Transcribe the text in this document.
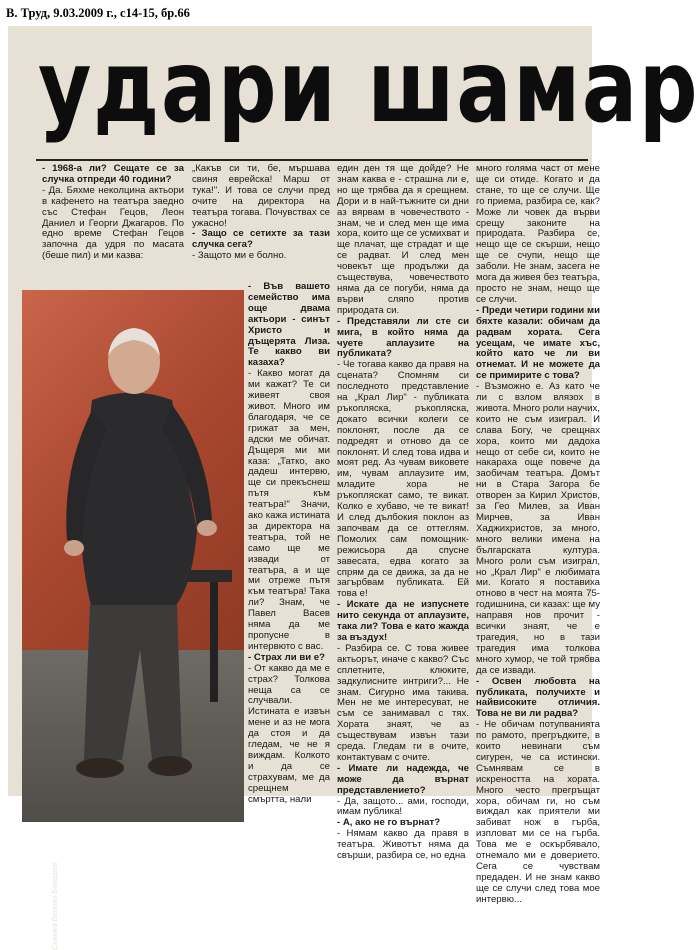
В. Труд, 9.03.2009 г., с14-15, бр.66
удари шамар

- 1968-а ли? Сещате се за случка отпреди 40 години?

- Да. Бяхме неколцина актьори в кафенето на театъра заедно със Стефан Гецов, Леон Даниел и Георги Джагаров. По едно време Стефан Гецов започна да удря по масата (беше пил) и ми казва:

„Какъв си ти, бе, мършава свиня еврейска! Марш от тука!". И това се случи пред очите на директора на театъра тогава. Почувствах се ужасно!

- Защо се сетихте за тази случка сега?

- Защото ми е болно.

- Във вашето семейство има още двама актьори - синът Христо и дъщерята Лиза. Те какво ви казаха?

- Какво могат да ми кажат? Те си живеят своя живот. Много им благодаря, че се грижат за мен, адски ме обичат. Дъщеря ми ми каза: „Татко, ако дадеш интервю, ще си прекъснеш пътя към театъра!" Значи, ако кажа истината за директора на театъра, той не само ще ме извади от театъра, а и ще ми отреже пътя към театъра! Така ли? Знам, че Павел Васев няма да ме пропусне в интервюто с вас.

- Страх ли ви е?

- От какво да ме е страх? Толкова неща са се случвали. Истината е извън мене и аз не мога да стоя и да гледам, че не я виждам. Колкото и да се страхувам, ме да срещнем смъртта, нали

един ден тя ще дойде? Не знам каква е - страшна ли е, но ще трябва да я срещнем. Дори и в най-тъжните си дни аз вярвам в човечеството - знам, че и след мен ще има хора, които ще се усмихват и ще плачат, ще страдат и ще се радват. И след мен човекът ще продължи да съществува, човечеството няма да се погуби, няма да върви сляпо против природата си.

- Представяли ли сте си мига, в който няма да чуете аплаузите на публиката?

- Че тогава какво да правя на сцената? Спомням си последното представление на „Крал Лир" - публиката ръкопляска, ръкопляска, докато всички колеги се поклонят, после да се подредят и отново да се поклонят. И след това идва и моят ред. Аз чувам виковете им, чувам аплаузите им, младите хора не ръкопляскат само, те викат. Колко е хубаво, че те викат! И след дълбокия поклон аз започвам да се оттеглям. Помолих сам помощник-режисьора да спусне завесата, едва когато за спрям да се движа, за да не загърбвам публиката. Ей това е!

- Искате да не изпуснете нито секунда от аплаузите, така ли? Това е като жажда за въздух!

- Разбира се. С това живее актьорът, иначе с какво? Със сплетните, клюките, задкулисните интриги?... Не знам. Сигурно има такива. Мен не ме интересуват, не съм се занимавал с тях. Хората знаят, че аз съществувам извън тази среда. Гледам ги в очите, контактувам с очите.

- Имате ли надежда, че може да върнат представлението?

- Да, защото... ами, господи, имам публика!

- А, ако не го върнат?

- Нямам какво да правя в театъра. Животът няма да свърши, разбира се, но една

много голяма част от мене ще си отиде. Когато и да стане, то ще се случи. Ще го приема, разбира се, как? Може ли човек да върви срещу законите на природата. Разбира се, нещо ще се скърши, нещо ще се счупи, нещо ще заболи. Не знам, засега не мога да живея без театъра, просто не знам, нещо ще се случи.

- Преди четири години ми бяхте казали: обичам да радвам хората. Сега усещам, че имате хъс, който като че ли ви отнемат. И не можете да се примирите с това?

- Възможно е. Аз като че ли с взлом влязох в живота. Много роли научих, които не съм изиграл. И слава Богу, че срещнах хора, които ми дадоха нещо от себе си, които не накараха още повече да заобичам театъра. Домът ни в Стара Загора бе отворен за Кирил Христов, за Гео Милев, за Иван Мирчев, за Иван Хаджихристов, за много, много велики имена на българската култура. Много роли съм изиграл, но „Крал Лир" е любимата ми. Когато я поставиха отново в чест на моята 75-годишнина, си казах: ще му направя нов прочит - всички знаят, че е трагедия, но в тази трагедия има толкова много хумор, че той трябва да се извади.

- Освен любовта на публиката, получихте и найвисоките отличия. Това не ви ли радва?

- Не обичам потупванията по рамото, прегръдките, в които невинаги съм сигурен, че са истински. Съмнявам се в искреността на хората. Много често прегръщат хора, обичам ги, но съм виждал как приятели ми забиват нож в гърба, изпловат ми се на гърба. Това ме е оскърбявало, отнемало ми е доверието. Сега се чувствам предаден. И не знам какво ще се случи след това мое интервю...

Снимка Велиан Бохошев
